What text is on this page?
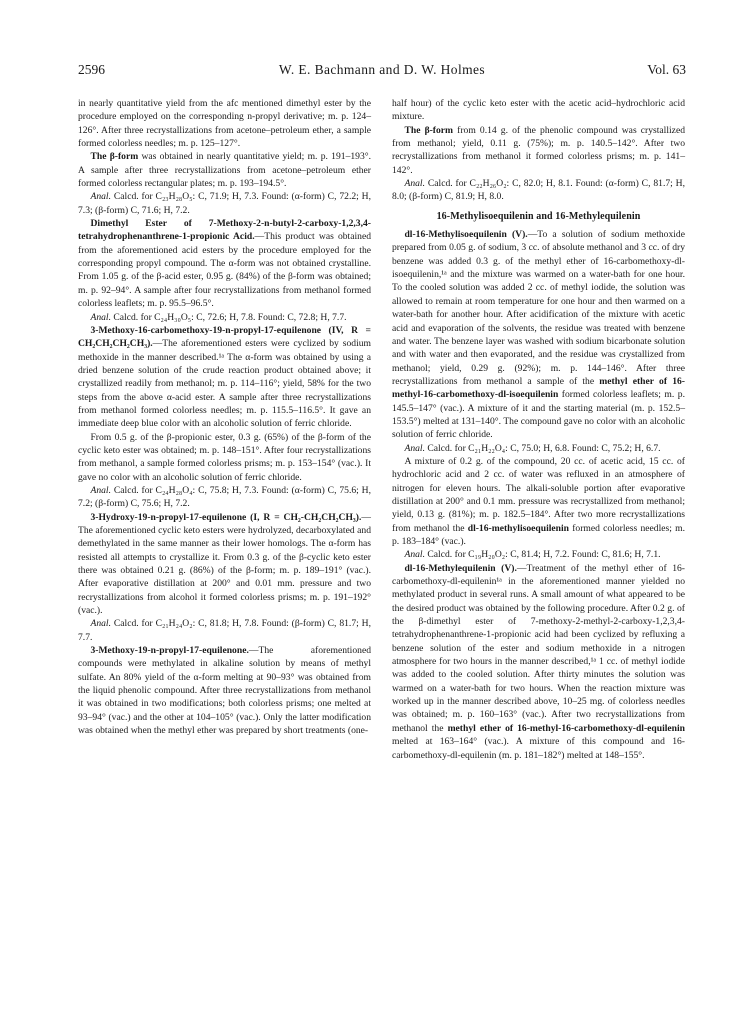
2596	W. E. Bachmann and D. W. Holmes	Vol. 63

in nearly quantitative yield from the afc mentioned dimethyl ester by the procedure employed on the corresponding n-propyl derivative; m. p. 124–126°. After three recrystallizations from acetone–petroleum ether, a sample formed colorless needles; m. p. 125–127°.

The β-form was obtained in nearly quantitative yield; m. p. 191–193°. A sample after three recrystallizations from acetone–petroleum ether formed colorless rectangular plates; m. p. 193–194.5°.

Anal. Calcd. for C₂₃H₂₈O₅: C, 71.9; H, 7.3. Found: (α-form) C, 72.2; H, 7.3; (β-form) C, 71.6; H, 7.2.

Dimethyl Ester of 7-Methoxy-2-n-butyl-2-carboxy-1,2,3,4-tetrahydrophenanthrene-1-propionic Acid.—This product was obtained from the aforementioned acid esters by the procedure employed for the corresponding propyl compound. The α-form was not obtained crystalline. From 1.05 g. of the β-acid ester, 0.95 g. (84%) of the β-form was obtained; m. p. 92–94°. A sample after four recrystallizations from methanol formed colorless leaflets; m. p. 95.5–96.5°.

Anal. Calcd. for C₂₄H₃₀O₅: C, 72.6; H, 7.8. Found: C, 72.8; H, 7.7.

3-Methoxy-16-carbomethoxy-19-n-propyl-17-equilenone (IV, R = CH₂CH₂CH₂CH₃).—The aforementioned esters were cyclized by sodium methoxide in the manner described.¹ᵃ The α-form was obtained by using a dried benzene solution of the crude reaction product obtained above; it crystallized readily from methanol; m. p. 114–116°; yield, 58% for the two steps from the above α-acid ester. A sample after three recrystallizations from methanol formed colorless needles; m. p. 115.5–116.5°. It gave an immediate deep blue color with an alcoholic solution of ferric chloride.

From 0.5 g. of the β-propionic ester, 0.3 g. (65%) of the β-form of the cyclic keto ester was obtained; m. p. 148–151°. After four recrystallizations from methanol, a sample formed colorless prisms; m. p. 153–154° (vac.). It gave no color with an alcoholic solution of ferric chloride.

Anal. Calcd. for C₂₄H₂₈O₄: C, 75.8; H, 7.3. Found: (α-form) C, 75.6; H, 7.2; (β-form) C, 75.6; H, 7.2.

3-Hydroxy-19-n-propyl-17-equilenone (I, R = CH₂-CH₂CH₂CH₃).—The aforementioned cyclic keto esters were hydrolyzed, decarboxylated and demethylated in the same manner as their lower homologs. The α-form has resisted all attempts to crystallize it. From 0.3 g. of the β-cyclic keto ester there was obtained 0.21 g. (86%) of the β-form; m. p. 189–191° (vac.). After evaporative distillation at 200° and 0.01 mm. pressure and two recrystallizations from alcohol it formed colorless prisms; m. p. 191–192° (vac.).

Anal. Calcd. for C₂₁H₂₄O₂: C, 81.8; H, 7.8. Found: (β-form) C, 81.7; H, 7.7.

3-Methoxy-19-n-propyl-17-equilenone.—The aforementioned compounds were methylated in alkaline solution by means of methyl sulfate. An 80% yield of the α-form melting at 90–93° was obtained from the liquid phenolic compound. After three recrystallizations from methanol it was obtained in two modifications; both colorless prisms; one melted at 93–94° (vac.) and the other at 104–105° (vac.). Only the latter modification was obtained when the methyl ether was prepared by short treatments (one-

half hour) of the cyclic keto ester with the acetic acid–hydrochloric acid mixture.

The β-form from 0.14 g. of the phenolic compound was crystallized from methanol; yield, 0.11 g. (75%); m. p. 140.5–142°. After two recrystallizations from methanol it formed colorless prisms; m. p. 141–142°.

Anal. Calcd. for C₂₂H₂₆O₂: C, 82.0; H, 8.1. Found: (α-form) C, 81.7; H, 8.0; (β-form) C, 81.9; H, 8.0.

16-Methylisoequilenin and 16-Methylequilenin

dl-16-Methylisoequilenin (V).—To a solution of sodium methoxide prepared from 0.05 g. of sodium, 3 cc. of absolute methanol and 3 cc. of dry benzene was added 0.3 g. of the methyl ether of 16-carbomethoxy-dl-isoequilenin,¹ᵃ and the mixture was warmed on a water-bath for one hour. To the cooled solution was added 2 cc. of methyl iodide, the solution was allowed to remain at room temperature for one hour and then warmed on a water-bath for another hour. After acidification of the mixture with acetic acid and evaporation of the solvents, the residue was treated with benzene and water. The benzene layer was washed with sodium bicarbonate solution and with water and then evaporated, and the residue was crystallized from methanol; yield, 0.29 g. (92%); m. p. 144–146°. After three recrystallizations from methanol a sample of the methyl ether of 16-methyl-16-carbomethoxy-dl-isoequilenin formed colorless leaflets; m. p. 145.5–147° (vac.). A mixture of it and the starting material (m. p. 152.5–153.5°) melted at 131–140°. The compound gave no color with an alcoholic solution of ferric chloride.

Anal. Calcd. for C₂₁H₂₂O₄: C, 75.0; H, 6.8. Found: C, 75.2; H, 6.7.

A mixture of 0.2 g. of the compound, 20 cc. of acetic acid, 15 cc. of hydrochloric acid and 2 cc. of water was refluxed in an atmosphere of nitrogen for eleven hours. The alkali-soluble portion after evaporative distillation at 200° and 0.1 mm. pressure was recrystallized from methanol; yield, 0.13 g. (81%); m. p. 182.5–184°. After two more recrystallizations from methanol the dl-16-methylisoequilenin formed colorless needles; m. p. 183–184° (vac.).

Anal. Calcd. for C₁₉H₂₀O₂: C, 81.4; H, 7.2. Found: C, 81.6; H, 7.1.

dl-16-Methylequilenin (V).—Treatment of the methyl ether of 16-carbomethoxy-dl-equilenin¹ᵃ in the aforementioned manner yielded no methylated product in several runs. A small amount of what appeared to be the desired product was obtained by the following procedure. After 0.2 g. of the β-dimethyl ester of 7-methoxy-2-methyl-2-carboxy-1,2,3,4-tetrahydrophenanthrene-1-propionic acid had been cyclized by refluxing a benzene solution of the ester and sodium methoxide in a nitrogen atmosphere for two hours in the manner described,¹ᵃ 1 cc. of methyl iodide was added to the cooled solution. After thirty minutes the solution was warmed on a water-bath for two hours. When the reaction mixture was worked up in the manner described above, 10–25 mg. of colorless needles was obtained; m. p. 160–163° (vac.). After two recrystallizations from methanol the methyl ether of 16-methyl-16-carbomethoxy-dl-equilenin melted at 163–164° (vac.). A mixture of this compound and 16-carbomethoxy-dl-equilenin (m. p. 181–182°) melted at 148–155°.
